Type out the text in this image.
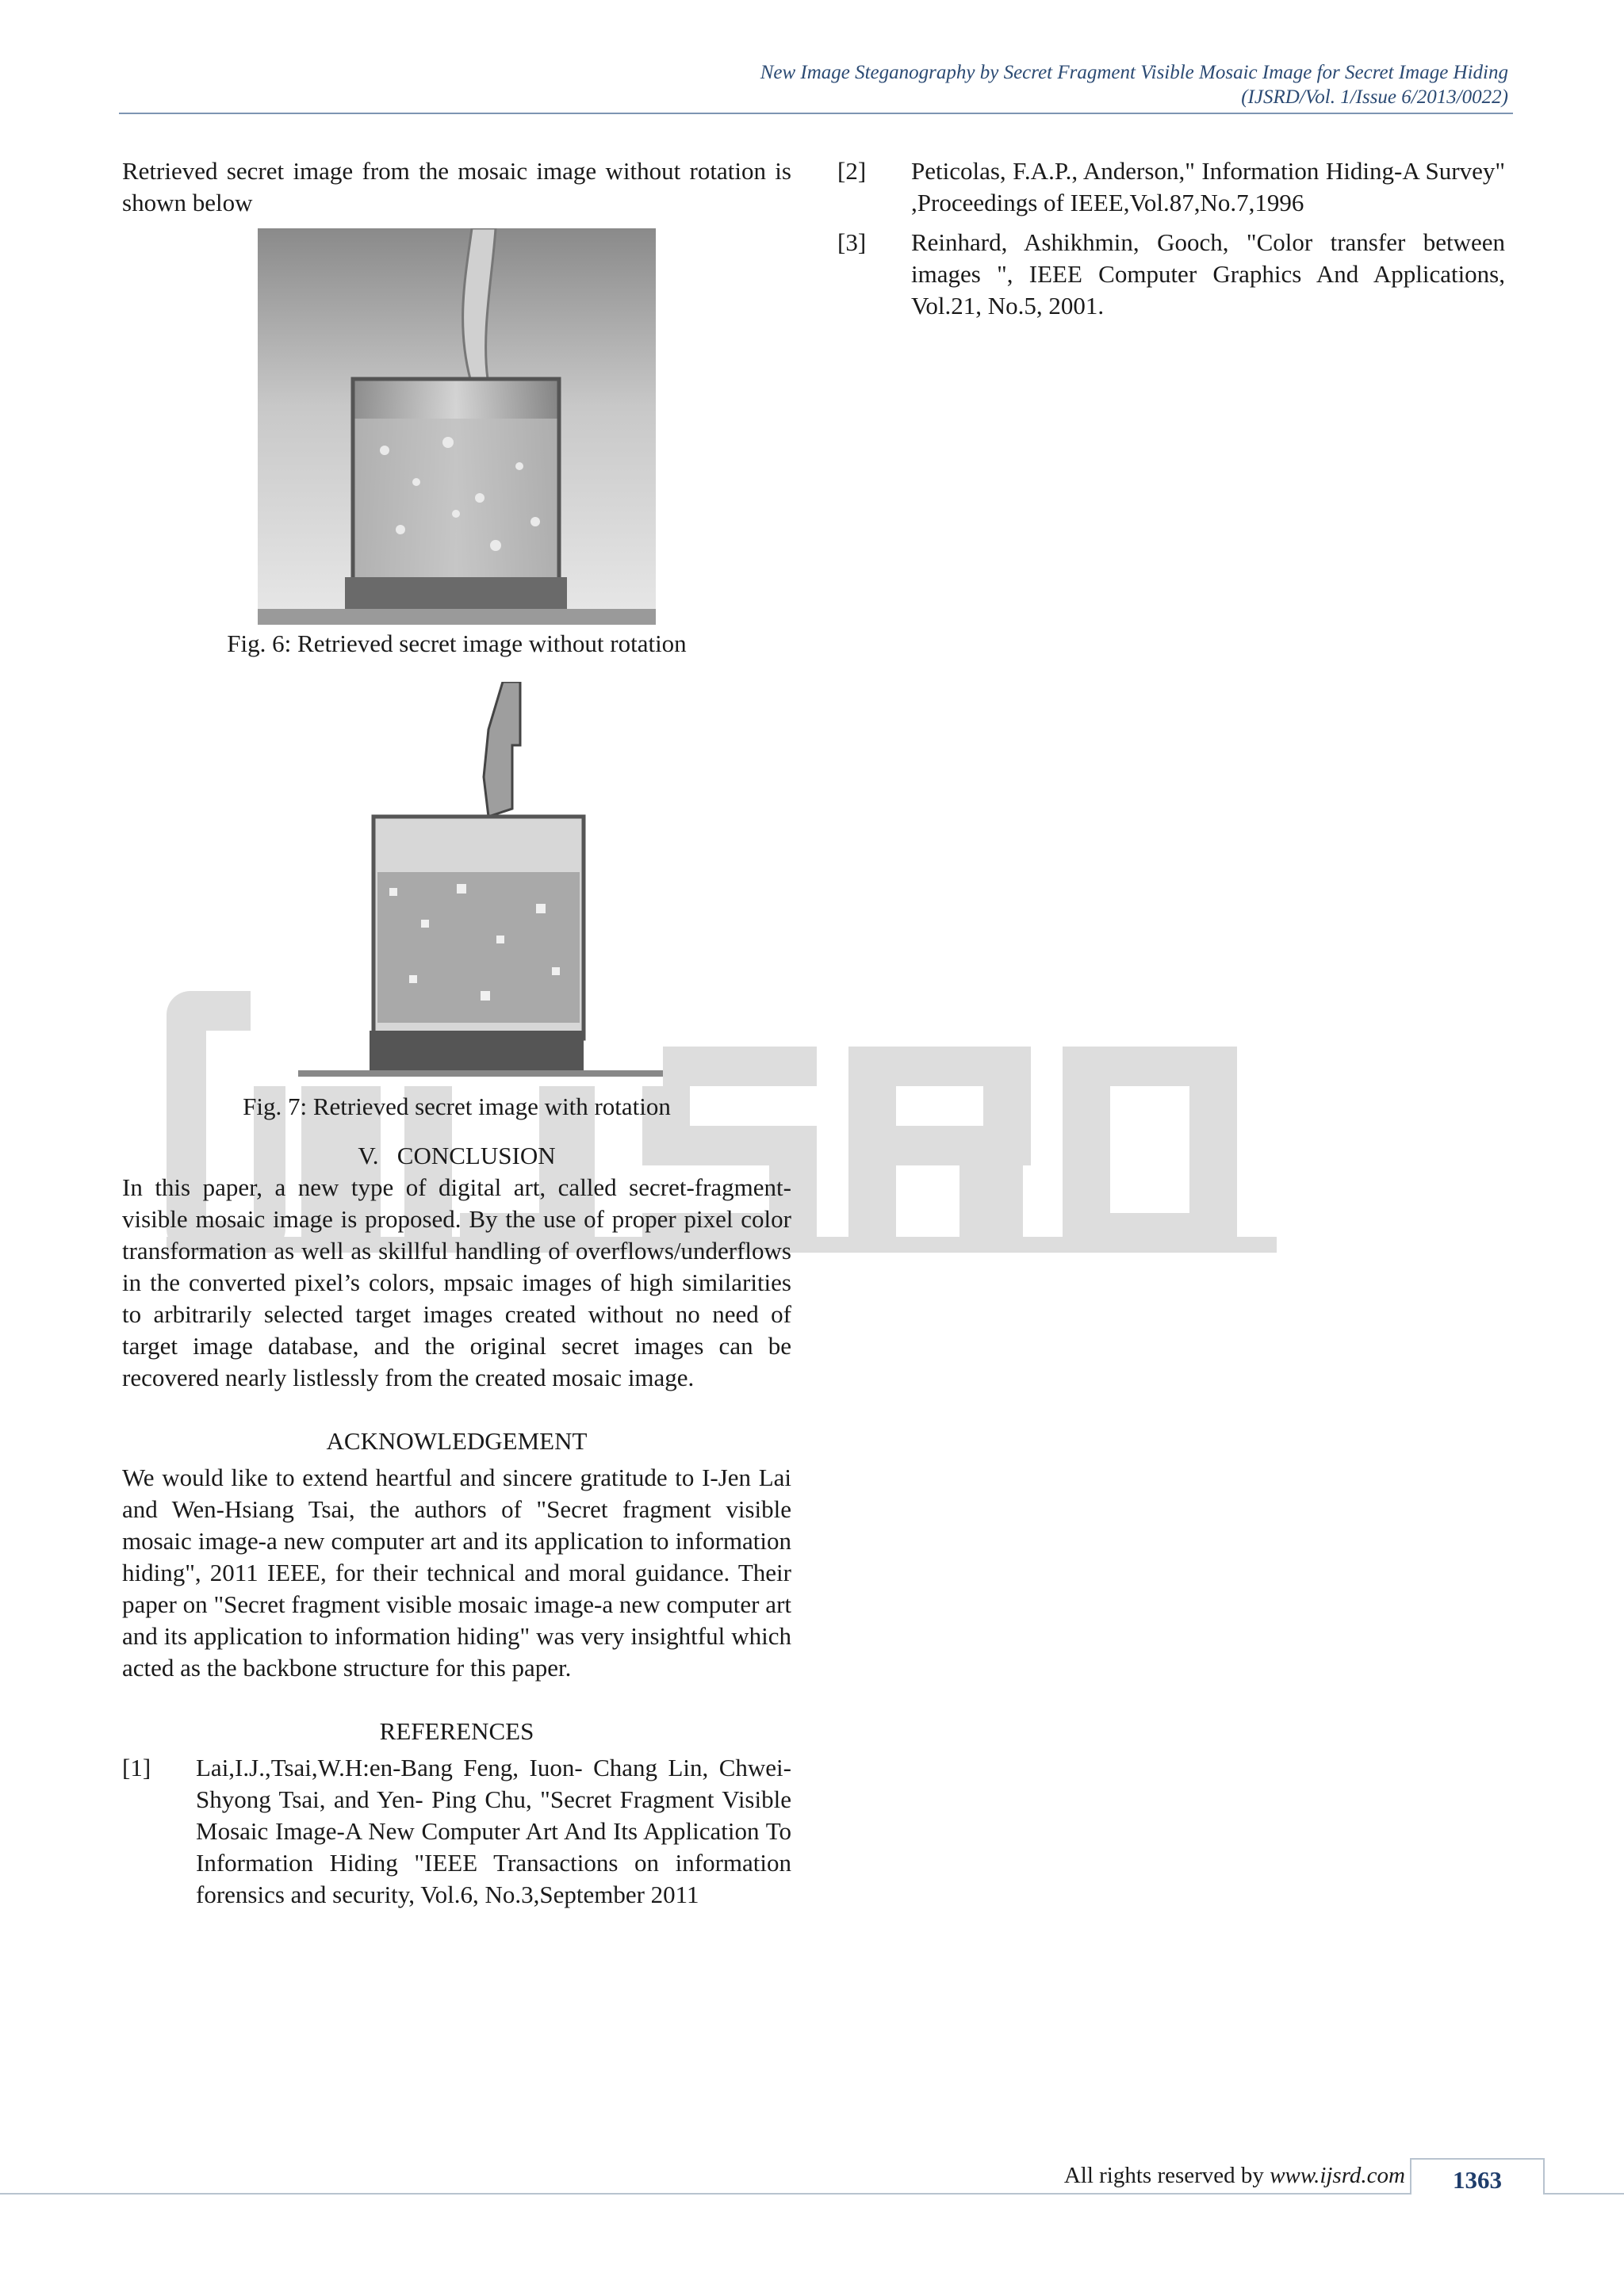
New Image Steganography by Secret Fragment Visible Mosaic Image for Secret Image Hiding
(IJSRD/Vol. 1/Issue 6/2013/0022)

Retrieved secret image from the mosaic image without rotation is shown below

Fig. 6: Retrieved secret image without rotation

Fig. 7: Retrieved secret image with rotation

V.   CONCLUSION

In this paper, a new type of digital art, called secret-fragment-visible mosaic image is proposed. By the use of proper pixel color transformation as well as skillful handling of overflows/underflows in the converted pixel’s colors, mpsaic images of high similarities to arbitrarily selected target images created without no need of target image database, and the original secret images can be recovered nearly listlessly from the created mosaic image.

ACKNOWLEDGEMENT

We would like to extend heartful and sincere gratitude to I-Jen Lai and Wen-Hsiang Tsai, the authors of "Secret fragment visible mosaic image-a new computer art and its application to information hiding", 2011 IEEE, for their technical and moral guidance. Their paper on "Secret fragment visible mosaic image-a new computer art and its application to information hiding" was very insightful which acted as the backbone structure for this paper.

REFERENCES

[1]	Lai,I.J.,Tsai,W.H:en-Bang Feng, Iuon- Chang Lin, Chwei-Shyong Tsai, and Yen- Ping Chu, "Secret Fragment Visible Mosaic Image-A New Computer Art And Its Application To Information Hiding "IEEE Transactions on information forensics and security, Vol.6, No.3,September 2011
[2]	Peticolas, F.A.P., Anderson," Information Hiding-A Survey" ,Proceedings of IEEE,Vol.87,No.7,1996
[3]	Reinhard, Ashikhmin, Gooch, "Color transfer between images ", IEEE Computer Graphics And Applications, Vol.21, No.5, 2001.
All rights reserved by www.ijsrd.com	1363
